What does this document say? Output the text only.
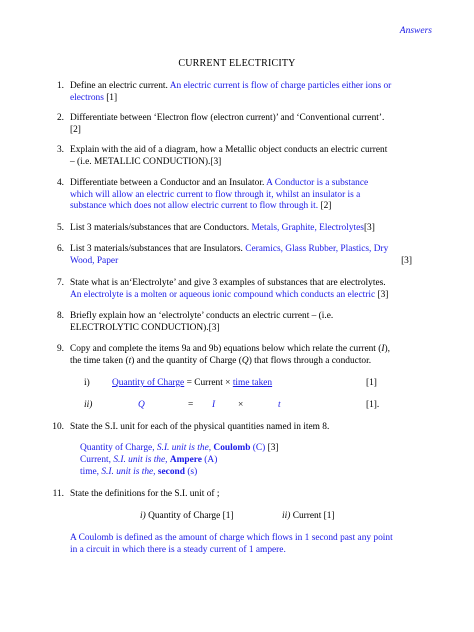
Answers
CURRENT ELECTRICITY
1. Define an electric current. An electric current is flow of charge particles either ions or
electrons [1]
2. Differentiate between ‘Electron flow (electron current)’ and ‘Conventional current’.
[2]
3. Explain with the aid of a diagram, how a Metallic object conducts an electric current
– (i.e. METALLIC CONDUCTION).[3]
4. Differentiate between a Conductor and an Insulator. A Conductor is a substance
which will allow an electric current to flow through it, whilst an insulator is a
substance which does not allow electric current to flow through it. [2]
5. List 3 materials/substances that are Conductors. Metals, Graphite, Electrolytes[3]
6. List 3 materials/substances that are Insulators. Ceramics, Glass Rubber, Plastics, Dry
Wood, Paper	[3]
7. State what is an‘Electrolyte’ and give 3 examples of substances that are electrolytes.
An electrolyte is a molten or aqueous ionic compound which conducts an electric [3]
8. Briefly explain how an ‘electrolyte’ conducts an electric current – (i.e.
ELECTROLYTIC CONDUCTION).[3]
9. Copy and complete the items 9a and 9b) equations below which relate the current (I),
the time taken (t) and the quantity of Charge (Q) that flows through a conductor.
i) Quantity of Charge = Current × time taken	[1]
ii)	Q	= I ×	t	[1].
10. State the S.I. unit for each of the physical quantities named in item 8.
Quantity of Charge, S.I. unit is the, Coulomb (C) [3]
Current, S.I. unit is the, Ampere (A)
time, S.I. unit is the, second (s)
11. State the definitions for the S.I. unit of ;
i) Quantity of Charge [1]	ii) Current [1]
A Coulomb is defined as the amount of charge which flows in 1 second past any point
in a circuit in which there is a steady current of 1 ampere.
